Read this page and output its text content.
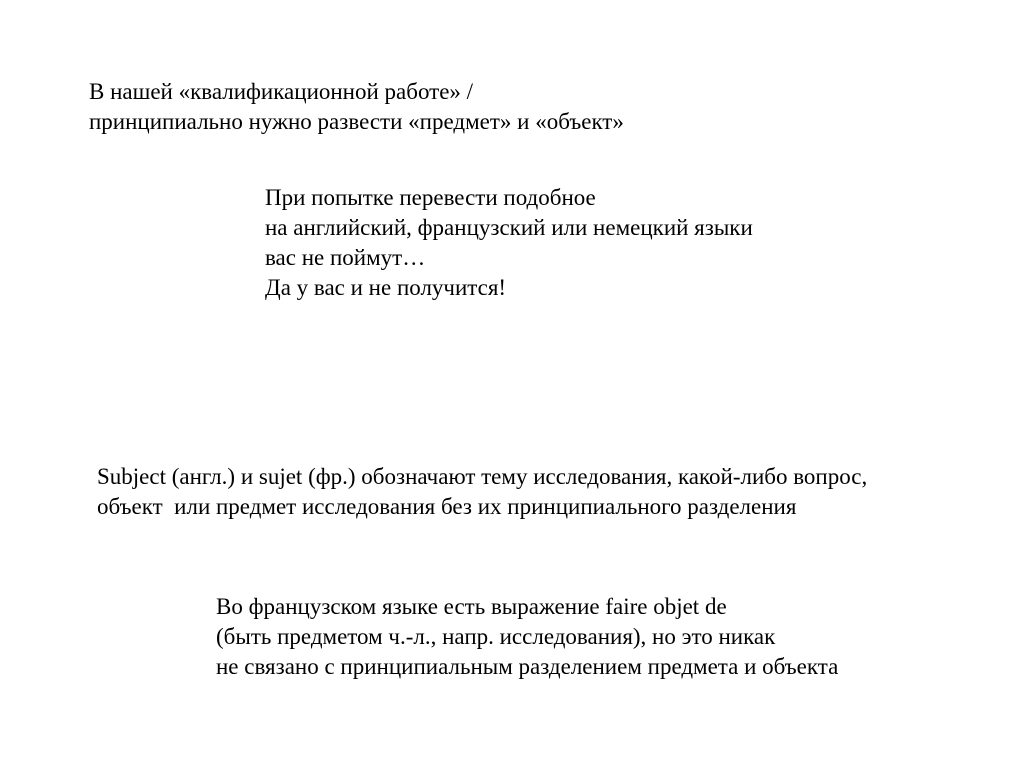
В нашей «квалификационной работе» /
принципиально нужно развести «предмет» и «объект»
При попытке перевести подобное
на английский, французский или немецкий языки
вас не поймут…
Да у вас и не получится!
Subject (англ.) и sujet (фр.) обозначают тему исследования, какой-либо вопрос,
объект  или предмет исследования без их принципиального разделения
Во французском языке есть выражение faire objet de
(быть предметом ч.-л., напр. исследования), но это никак
не связано с принципиальным разделением предмета и объекта
